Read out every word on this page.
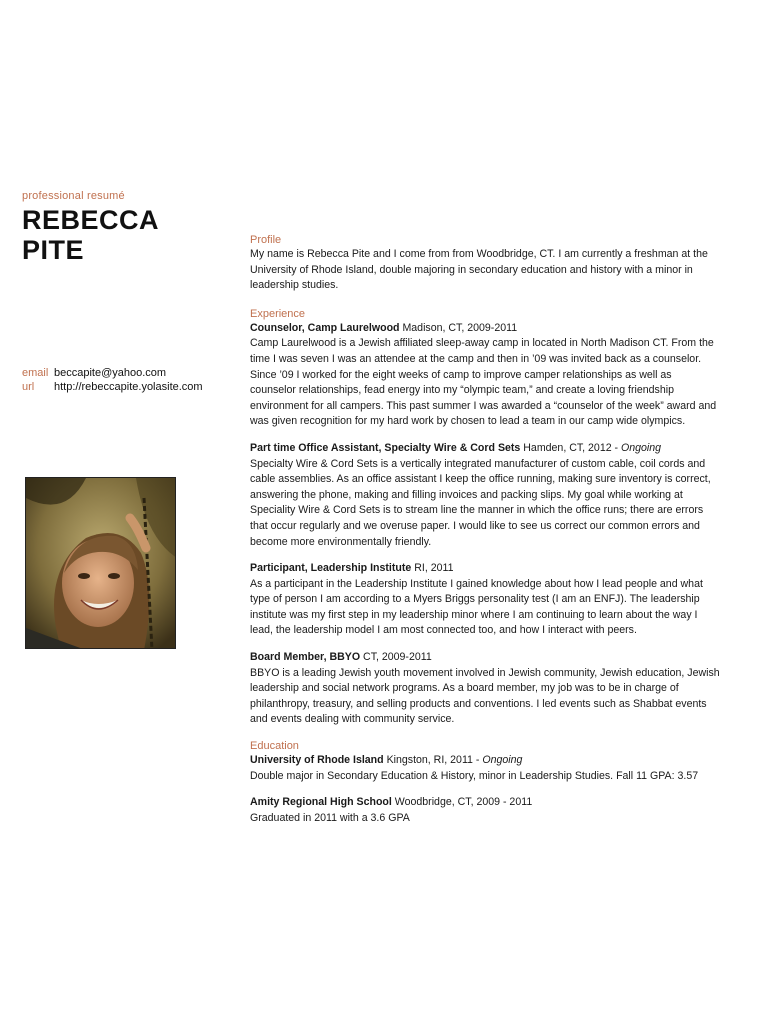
professional resumé
REBECCA
PITE
email beccapite@yahoo.com
url	http://rebeccapite.yolasite.com
Profile

My name is Rebecca Pite and I come from from Woodbridge, CT. I am currently a freshman at the University of Rhode Island, double majoring in secondary education and history with a minor in leadership studies.

Experience
Counselor, Camp Laurelwood Madison, CT, 2009-2011

Camp Laurelwood is a Jewish affiliated sleep-away camp in located in North Madison CT. From the time I was seven I was an attendee at the camp and then in ’09 was invited back as a counselor. Since ’09 I worked for the eight weeks of camp to improve camper relationships as well as counselor relationships, fead energy into my “olympic team,” and create a loving friendship environment for all campers. This past summer I was awarded a “counselor of the week” award and was given recognition for my hard work by chosen to lead a team in our camp wide olympics.

Part time Office Assistant, Specialty Wire & Cord Sets Hamden, CT, 2012 - Ongoing

Specialty Wire & Cord Sets is a vertically integrated manufacturer of custom cable, coil cords and cable assemblies. As an office assistant I keep the office running, making sure inventory is correct, answering the phone, making and filling invoices and packing slips. My goal while working at Speciality Wire & Cord Sets is to stream line the manner in which the office runs; there are errors that occur regularly and we overuse paper. I would like to see us correct our common errors and become more environmentally friendly.

Participant, Leadership Institute RI, 2011

As a participant in the Leadership Institute I gained knowledge about how I lead people and what type of person I am according to a Myers Briggs personality test (I am an ENFJ). The leadership institute was my first step in my leadership minor where I am continuing to learn about the way I lead, the leadership model I am most connected too, and how I interact with peers.

Board Member, BBYO CT, 2009-2011

BBYO is a leading Jewish youth movement involved in Jewish community, Jewish education, Jewish leadership and social network programs. As a board member, my job was to be in charge of philanthropy, treasury, and selling products and conventions. I led events such as Shabbat events and events dealing with community service.

Education
University of Rhode Island Kingston, RI, 2011 - Ongoing

Double major in Secondary Education & History, minor in Leadership Studies. Fall 11 GPA: 3.57

Amity Regional High School Woodbridge, CT, 2009 - 2011

Graduated in 2011 with a 3.6 GPA
